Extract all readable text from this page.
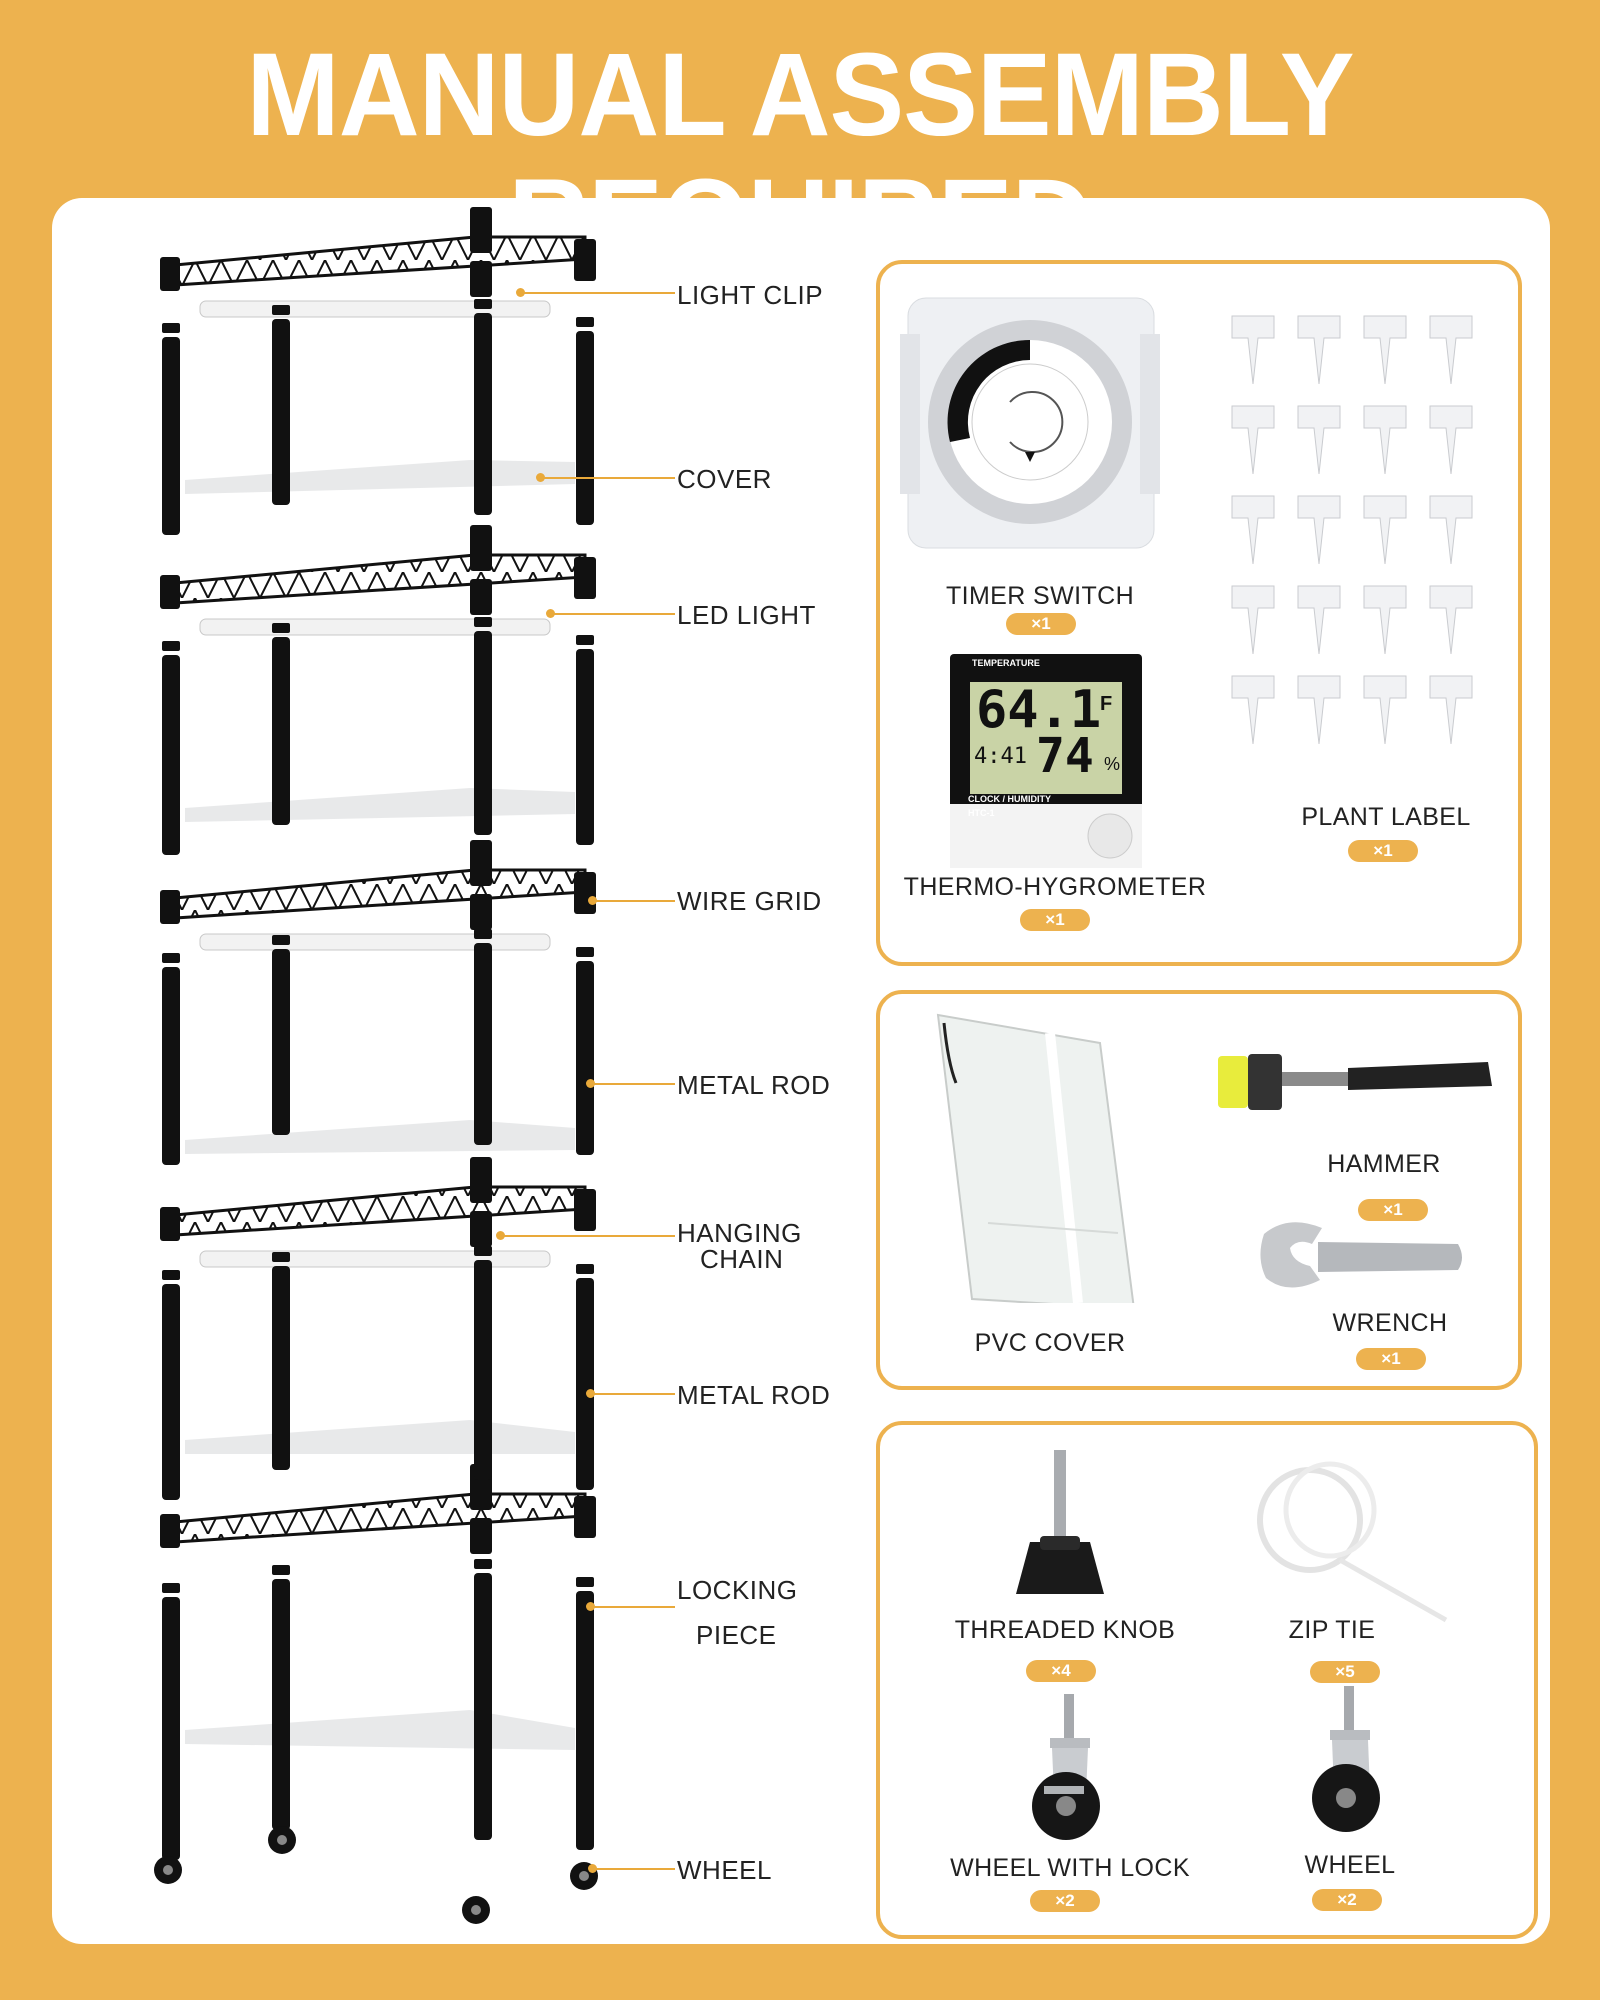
MANUAL ASSEMBLY
LIGHT CLIP
COVER
LED LIGHT
WIRE GRID
METAL ROD
HANGING
CHAIN
METAL ROD
LOCKING
PIECE
WHEEL
TIMER SWITCH
×1
TEMPERATURE
64.1
F
4:41 74 %
CLOCK / HUMIDITY
HTC-1
THERMO-HYGROMETER
×1
PLANT LABEL
×1
PVC COVER
HAMMER
×1
WRENCH
×1
THREADED KNOB
×4
ZIP TIE
×5
WHEEL WITH LOCK
×2
WHEEL
×2
